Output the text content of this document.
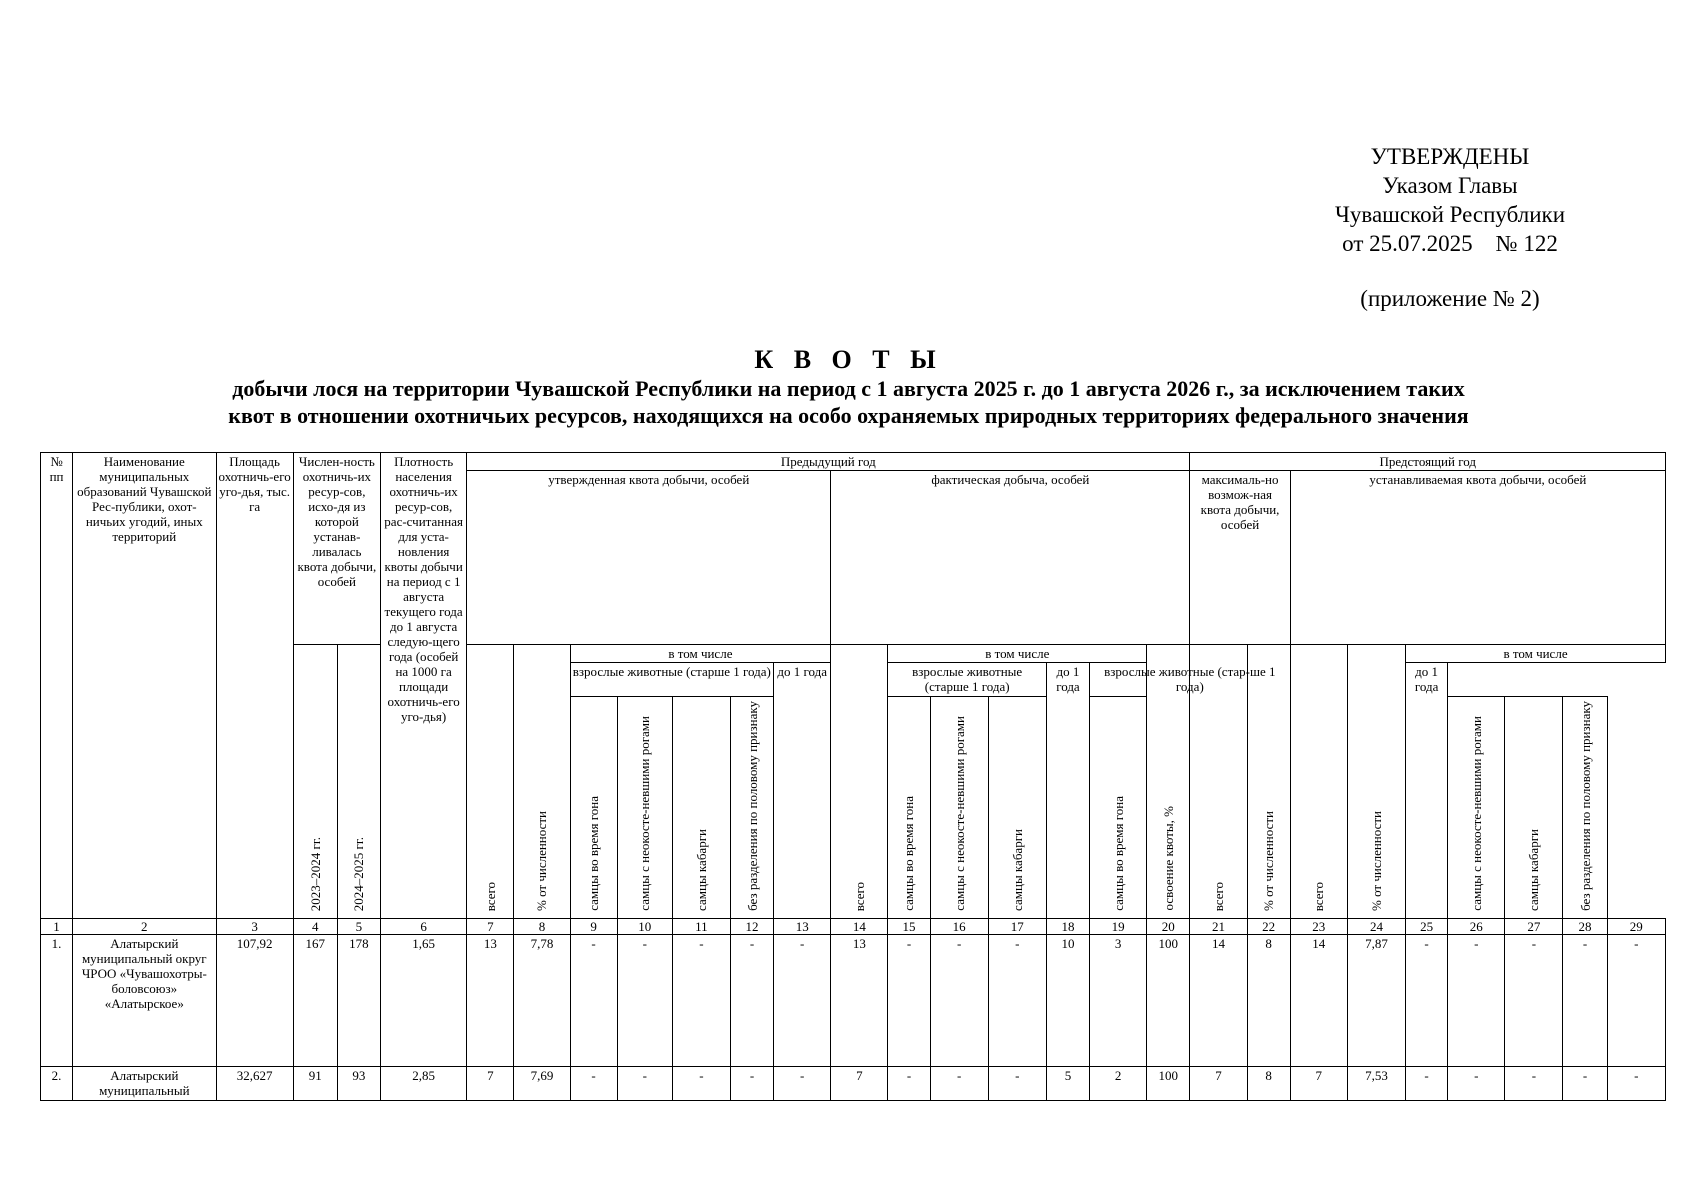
УТВЕРЖДЕНЫ
Указом Главы
Чувашской Республики
от 25.07.2025    № 122
(приложение № 2)
К В О Т Ы
добычи лося на территории Чувашской Республики на период с 1 августа 2025 г. до 1 августа 2026 г., за исключением таких
квот в отношении охотничьих ресурсов, находящихся на особо охраняемых природных территориях федерального значения
№ пп	Наименование муниципальных образований Чувашской Рес-публики, охот-ничьих угодий, иных территорий	Площадь охотничь-его уго-дья, тыс. га	Числен-ность охотничь-их ресур-сов, исхо-дя из которой устанав-ливалась квота добычи, особей		Плотность населения охотничь-их ресур-сов, рас-считанная для уста-новления квоты добычи на период с 1 августа текущего года до 1 августа следую-щего года (особей на 1000 га площади охотничь-его уго-дья)	Предыдущий год														Предстоящий год								
						утвержденная квота добычи, особей							фактическая добыча, особей							максималь-но возмож-ная квота добычи, особей		устанавливаемая квота добычи, особей						
			2023–2024 гг.	2024–2025 гг.		всего	% от численности	в том числе					всего	в том числе					освоение квоты, %	всего	% от численности	всего	% от численности	в том числе				
								взрослые животные (старше 1 года)				до 1 года		взрослые животные (старше 1 года)			до 1 года	взрослые животные (стар-ше 1 года)						до 1 года				
								самцы во время гона	самцы с неокосте-невшими рогами	самцы кабарги	без разделения по половому признаку			самцы во время гона	самцы с неокосте-невшими рогами	самцы кабарги		самцы во время гона							самцы с неокосте-невшими рогами	самцы кабарги	без разделения по половому признаку	
1	2	3	4	5	6	7	8	9	10	11	12	13	14	15	16	17	18	19	20	21	22	23	24	25	26	27	28	29
1.	Алатырский муниципальный округ ЧРОО «Чувашохотры-боловсоюз» «Алатырское»	107,92	167	178	1,65	13	7,78	-	-	-	-	-	13	-	-	-	10	3	100	14	8	14	7,87	-	-	-	-	-
2.	Алатырский муниципальный	32,627	91	93	2,85	7	7,69	-	-	-	-	-	7	-	-	-	5	2	100	7	8	7	7,53	-	-	-	-	-
